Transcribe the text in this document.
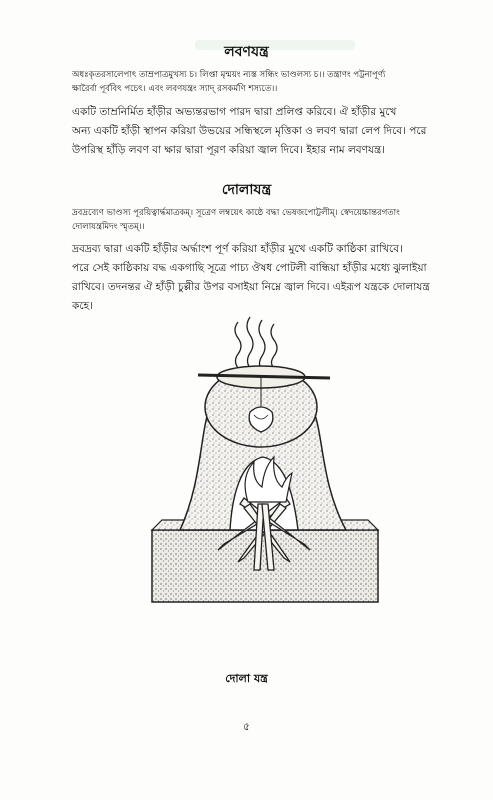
লবণযন্ত্র
অধঃকৃতরসালেপাৎ তাম্রপাত্রমুখস্য চ। লিপ্তা মৃন্ময়ং ন্যস্ত সন্ধিং ভাণ্ডলস্য চ।। তন্ত্রাণং পট্টনাপূর্ণ্য
ক্ষারৈর্বা পূর্ববিৎ পচেৎ। এবং লবণযন্ত্রং স্যাদ্ রসকর্মণি শস্যতে।।
একটি তাম্রনির্মিত হাঁড়ীর অভ্যন্তরভাগ পারদ দ্বারা প্রলিপ্ত করিবে। ঐ হাঁড়ীর মুখে
অন্য একটি হাঁড়ী স্থাপন করিয়া উভয়ের সন্ধিস্থলে মৃত্তিকা ও লবণ দ্বারা লেপ দিবে। পরে
উপরিস্থ হাঁড়ি লবণ বা ক্ষার দ্বারা পূরণ করিয়া জ্বাল দিবে। ইহার নাম লবণযন্ত্র।
দোলাযন্ত্র
দ্রবদ্রব্যেণ ভাণ্ডস্য পূরয়িত্বার্দ্ধমাত্রকম্। সূত্রেণ লম্বয়েৎ কাষ্ঠে বদ্ধা ভেষজপোট্টলীম্। স্বেদয়েচ্চান্তরগতাং
দোলাযন্ত্রমিদং স্মৃতম্।।
দ্রবদ্রব্য দ্বারা একটি হাঁড়ীর অর্দ্ধাংশ পূর্ণ করিয়া হাঁড়ীর মুখে একটি কাষ্ঠিকা রাখিবে।
পরে সেই কাষ্ঠিকায় বদ্ধ একগাছি সূত্রে পাচ্য ঔষধ পোটলী বান্ধিয়া হাঁড়ীর মধ্যে ঝুলাইয়া
রাখিবে। তদনন্তর ঐ হাঁড়ী চুল্লীর উপর বসাইয়া নিম্নে জ্বাল দিবে। এইরূপ যন্ত্রকে দোলাযন্ত্র
কহে।
দোলা যন্ত্র
৫
